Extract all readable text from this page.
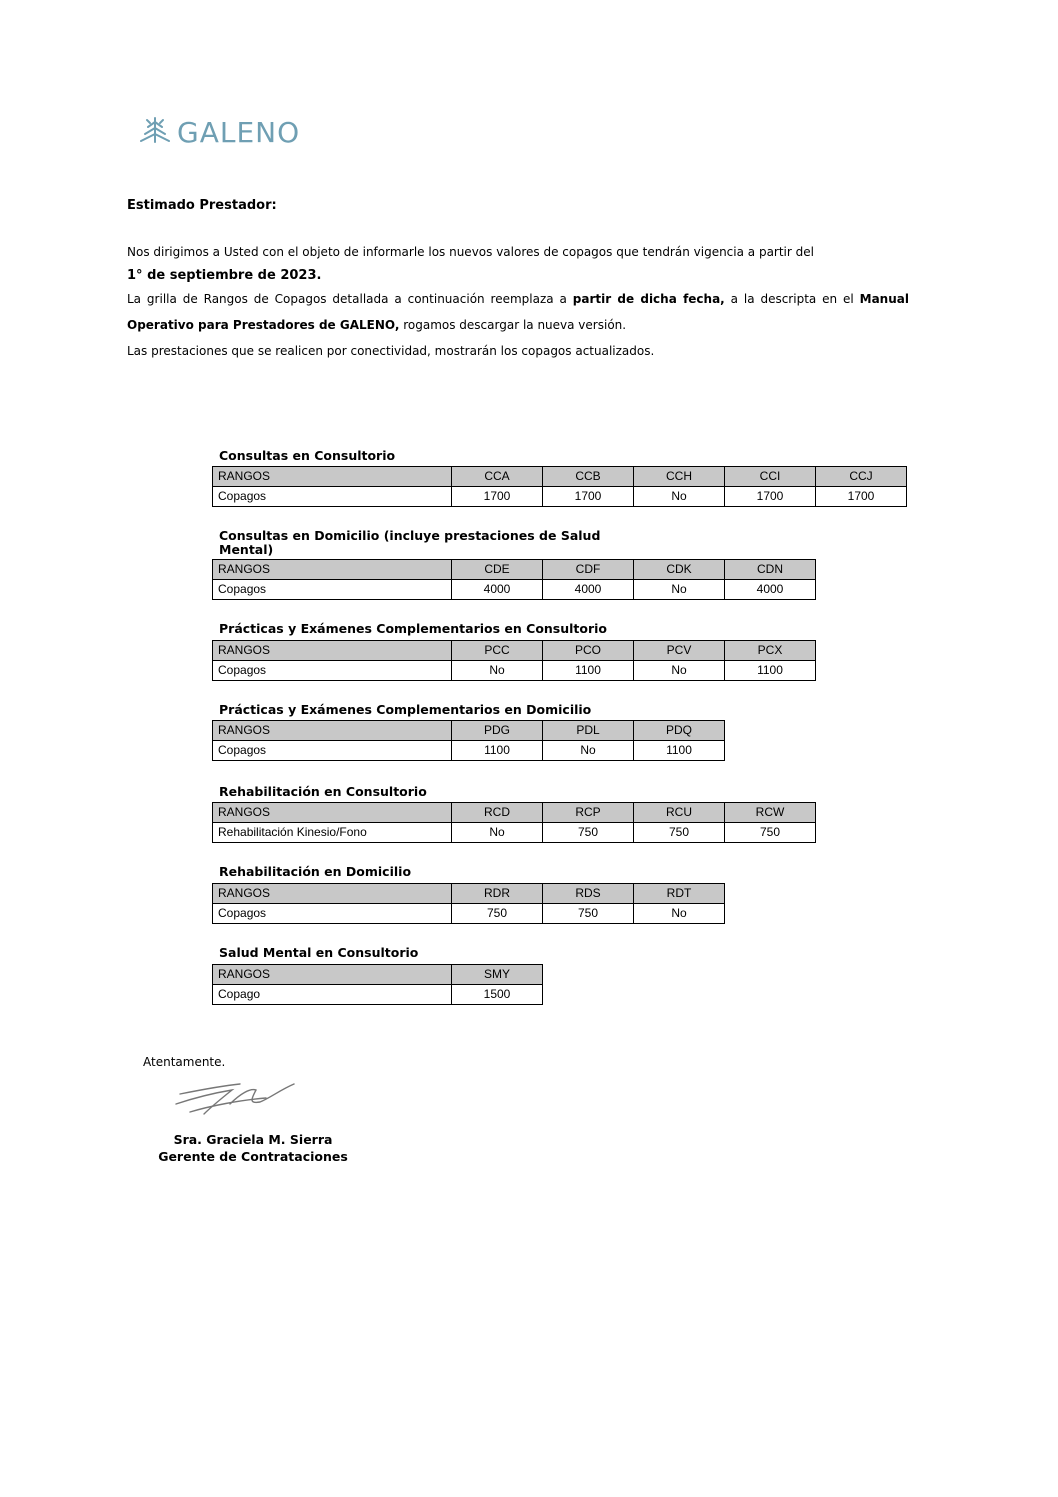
GALENO
Estimado Prestador:
Nos dirigimos a Usted con el objeto de informarle los nuevos valores de copagos que tendrán vigencia a partir del
1° de septiembre de 2023.
La grilla de Rangos de Copagos detallada a continuación reemplaza a partir de dicha fecha, a la descripta en el Manual
Operativo para Prestadores de GALENO, rogamos descargar la nueva versión.
Las prestaciones que se realicen por conectividad, mostrarán los copagos actualizados.
Consultas en Consultorio
RANGOS	CCA	CCB	CCH	CCI	CCJ
Copagos	1700	1700	No	1700	1700
Consultas en Domicilio (incluye prestaciones de Salud Mental)
RANGOS	CDE	CDF	CDK	CDN
Copagos	4000	4000	No	4000
Prácticas y Exámenes Complementarios en Consultorio
RANGOS	PCC	PCO	PCV	PCX
Copagos	No	1100	No	1100
Prácticas y Exámenes Complementarios en Domicilio
RANGOS	PDG	PDL	PDQ
Copagos	1100	No	1100
Rehabilitación en Consultorio
RANGOS	RCD	RCP	RCU	RCW
Rehabilitación Kinesio/Fono	No	750	750	750
Rehabilitación en Domicilio
RANGOS	RDR	RDS	RDT
Copagos	750	750	No
Salud Mental en Consultorio
RANGOS	SMY
Copago	1500
Atentamente.
Sra. Graciela M. Sierra
Gerente de Contrataciones
